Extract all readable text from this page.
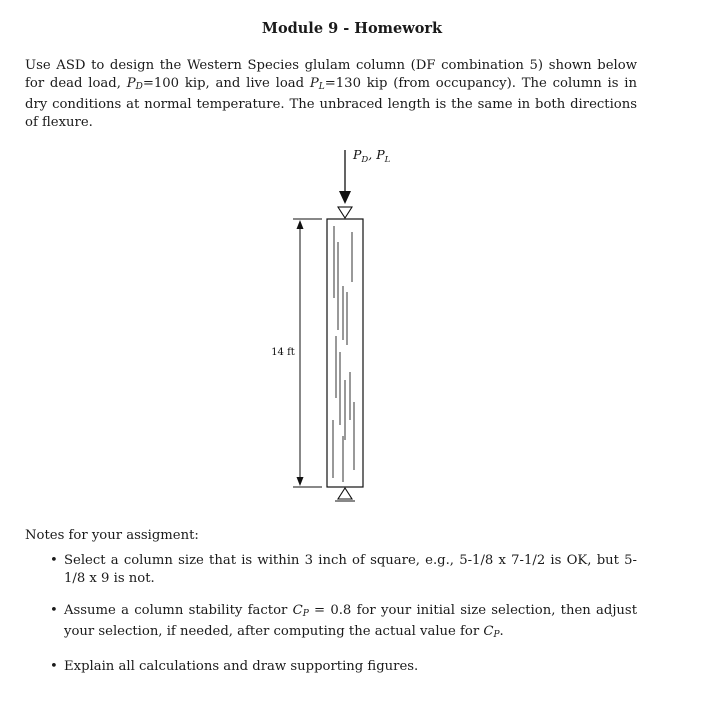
Module 9 - Homework
Use ASD to design the Western Species glulam column (DF combination 5) shown below for dead load, $P_D=100$ kip, and live load $P_L=130$ kip (from occupancy). The column is in dry conditions at normal temperature. The unbraced length is the same in both directions of flexure.
$P_D$, $P_L$
14 ft
Notes for your assigment:
• Select a column size that is within 3 inch of square, e.g., 5-1/8 x 7-1/2 is OK, but 5-1/8 x 9 is not.
• Assume a column stability factor $C_P = 0.8$ for your initial size selection, then adjust your selection, if needed, after computing the actual value for $C_P$.
• Explain all calculations and draw supporting figures.
